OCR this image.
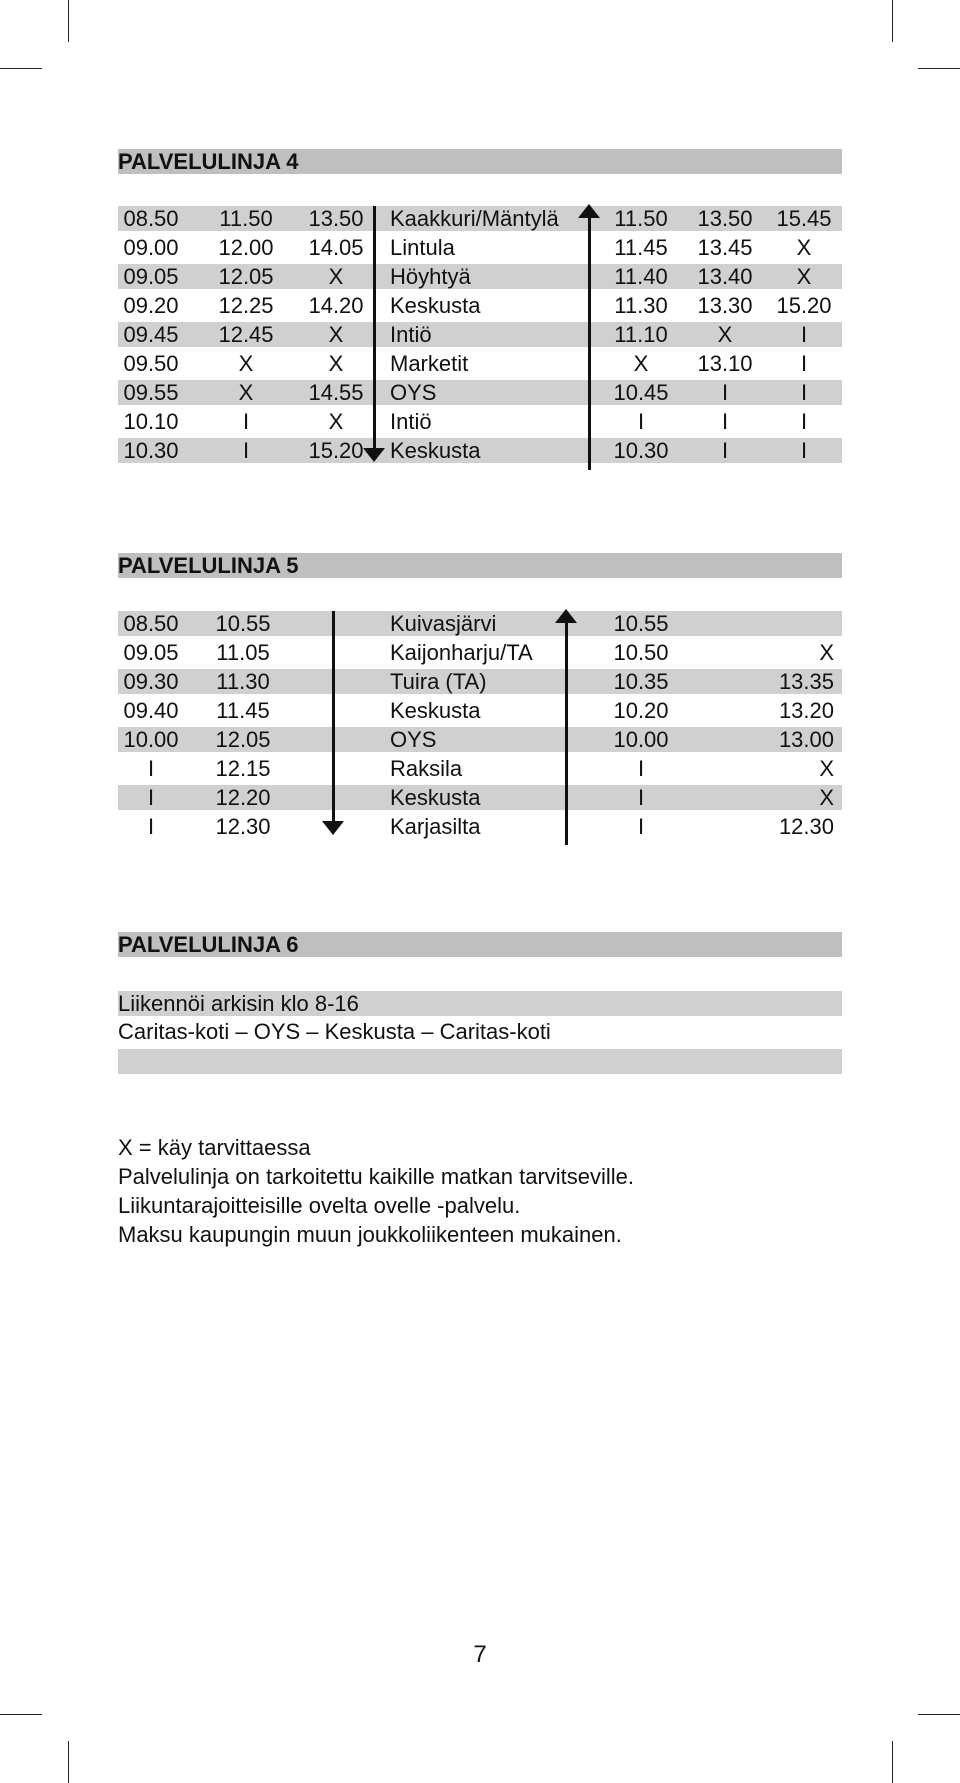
PALVELULINJA 4
08.50 11.50 13.50 Kaakkuri/Mäntylä	11.50 13.50 15.45
09.00 12.00 14.05 Lintula	11.45 13.45 X
09.05 12.05	X Höyhtyä	11.40 13.40 X
09.20 12.25 14.20 Keskusta	11.30 13.30 15.20
09.45 12.45	X Intiö	11.10 X	I
09.50	X	X Marketit	X 13.10 I
09.55	X	14.55 OYS	10.45 I	I
10.10	I	X Intiö	I	I	I
10.30	I	15.20 Keskusta	10.30 I	I
PALVELULINJA 5
08.50 10.55	Kuivasjärvi	10.55
09.05 11.05	Kaijonharju/TA	10.50	X
09.30 11.30	Tuira (TA)	10.35	13.35
09.40 11.45	Keskusta	10.20	13.20
10.00 12.05	OYS	10.00	13.00
I	12.15	Raksila	I	X
I	12.20	Keskusta	I	X
I	12.30	Karjasilta	I	12.30
PALVELULINJA 6
Liikennöi arkisin klo 8-16
Caritas-koti – OYS – Keskusta – Caritas-koti
X = käy tarvittaessa
Palvelulinja on tarkoitettu kaikille matkan tarvitseville.
Liikuntarajoitteisille ovelta ovelle -palvelu.
Maksu kaupungin muun joukkoliikenteen mukainen.
7
